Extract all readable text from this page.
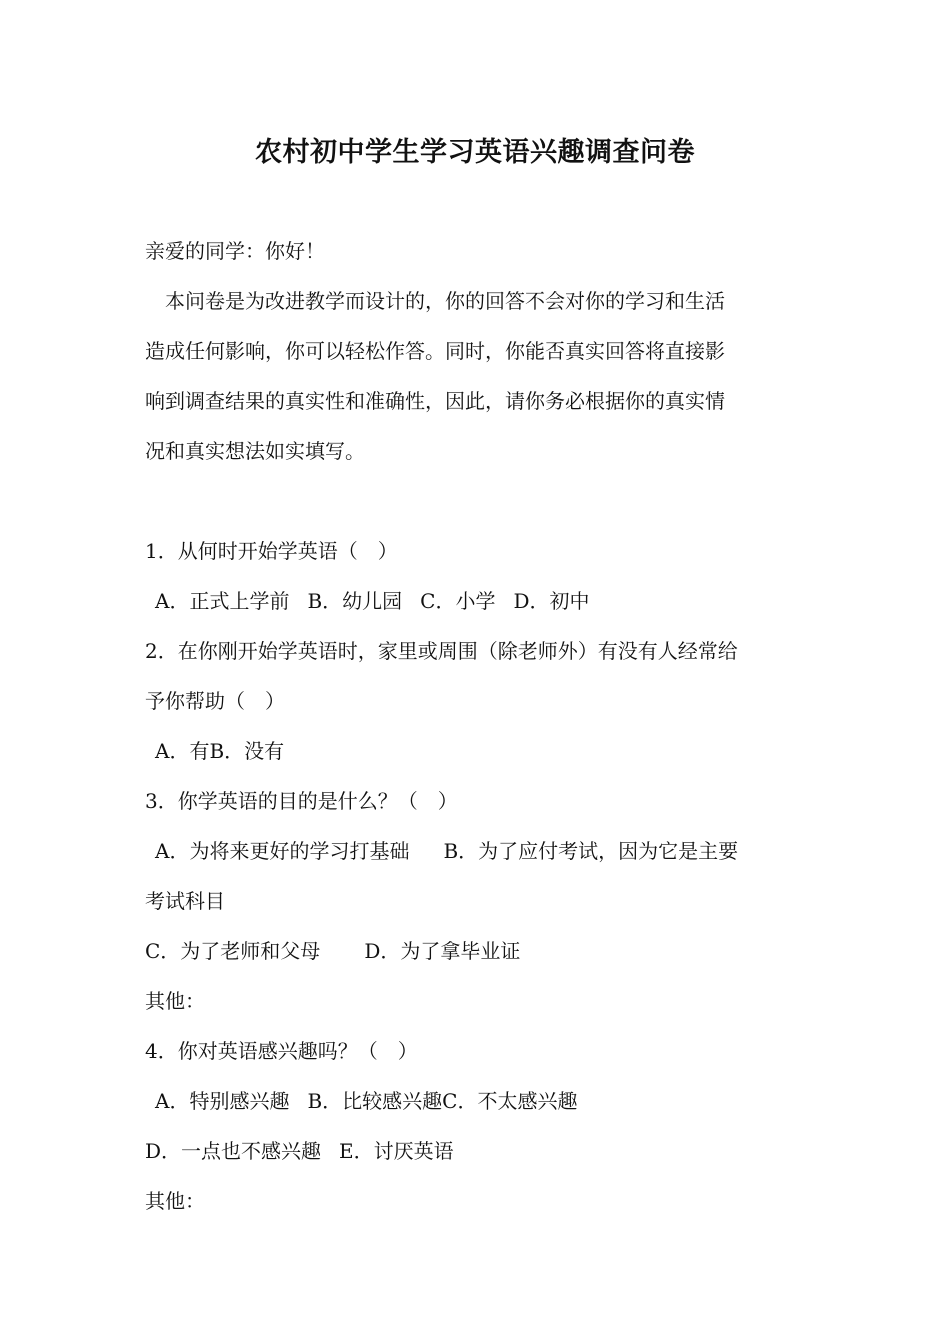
农村初中学生学习英语兴趣调查问卷
亲爱的同学：你好！
本问卷是为改进教学而设计的，你的回答不会对你的学习和生活
造成任何影响，你可以轻松作答。同时，你能否真实回答将直接影
响到调查结果的真实性和准确性，因此，请你务必根据你的真实情
况和真实想法如实填写。
1．从何时开始学英语（　）
A．正式上学前 B．幼儿园 C．小学 D．初中
2．在你刚开始学英语时，家里或周围（除老师外）有没有人经常给
予你帮助（　）
A．有B．没有
3．你学英语的目的是什么？（　）
A．为将来更好的学习打基础 B．为了应付考试，因为它是主要
考试科目
C．为了老师和父母 D．为了拿毕业证
其他：
4．你对英语感兴趣吗？（　）
A．特别感兴趣 B．比较感兴趣C．不太感兴趣
D．一点也不感兴趣 E．讨厌英语
其他：
